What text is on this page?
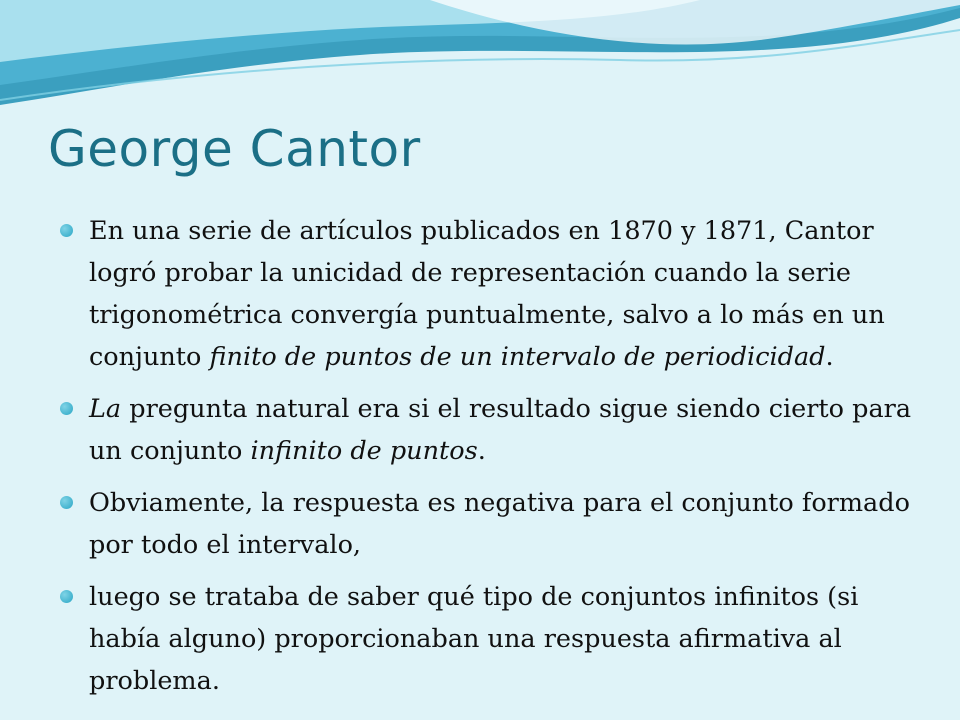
George Cantor
En una serie de artículos publicados en 1870 y 1871, Cantor logró probar la unicidad de representación cuando la serie trigonométrica convergía puntualmente, salvo a lo más en un conjunto finito de puntos de un intervalo de periodicidad.
La pregunta natural era si el resultado sigue siendo cierto para un conjunto infinito de puntos.
Obviamente, la respuesta es negativa para el conjunto formado por todo el intervalo,
luego se trataba de saber qué tipo de conjuntos infinitos (si había alguno) proporcionaban una respuesta afirmativa al problema.
